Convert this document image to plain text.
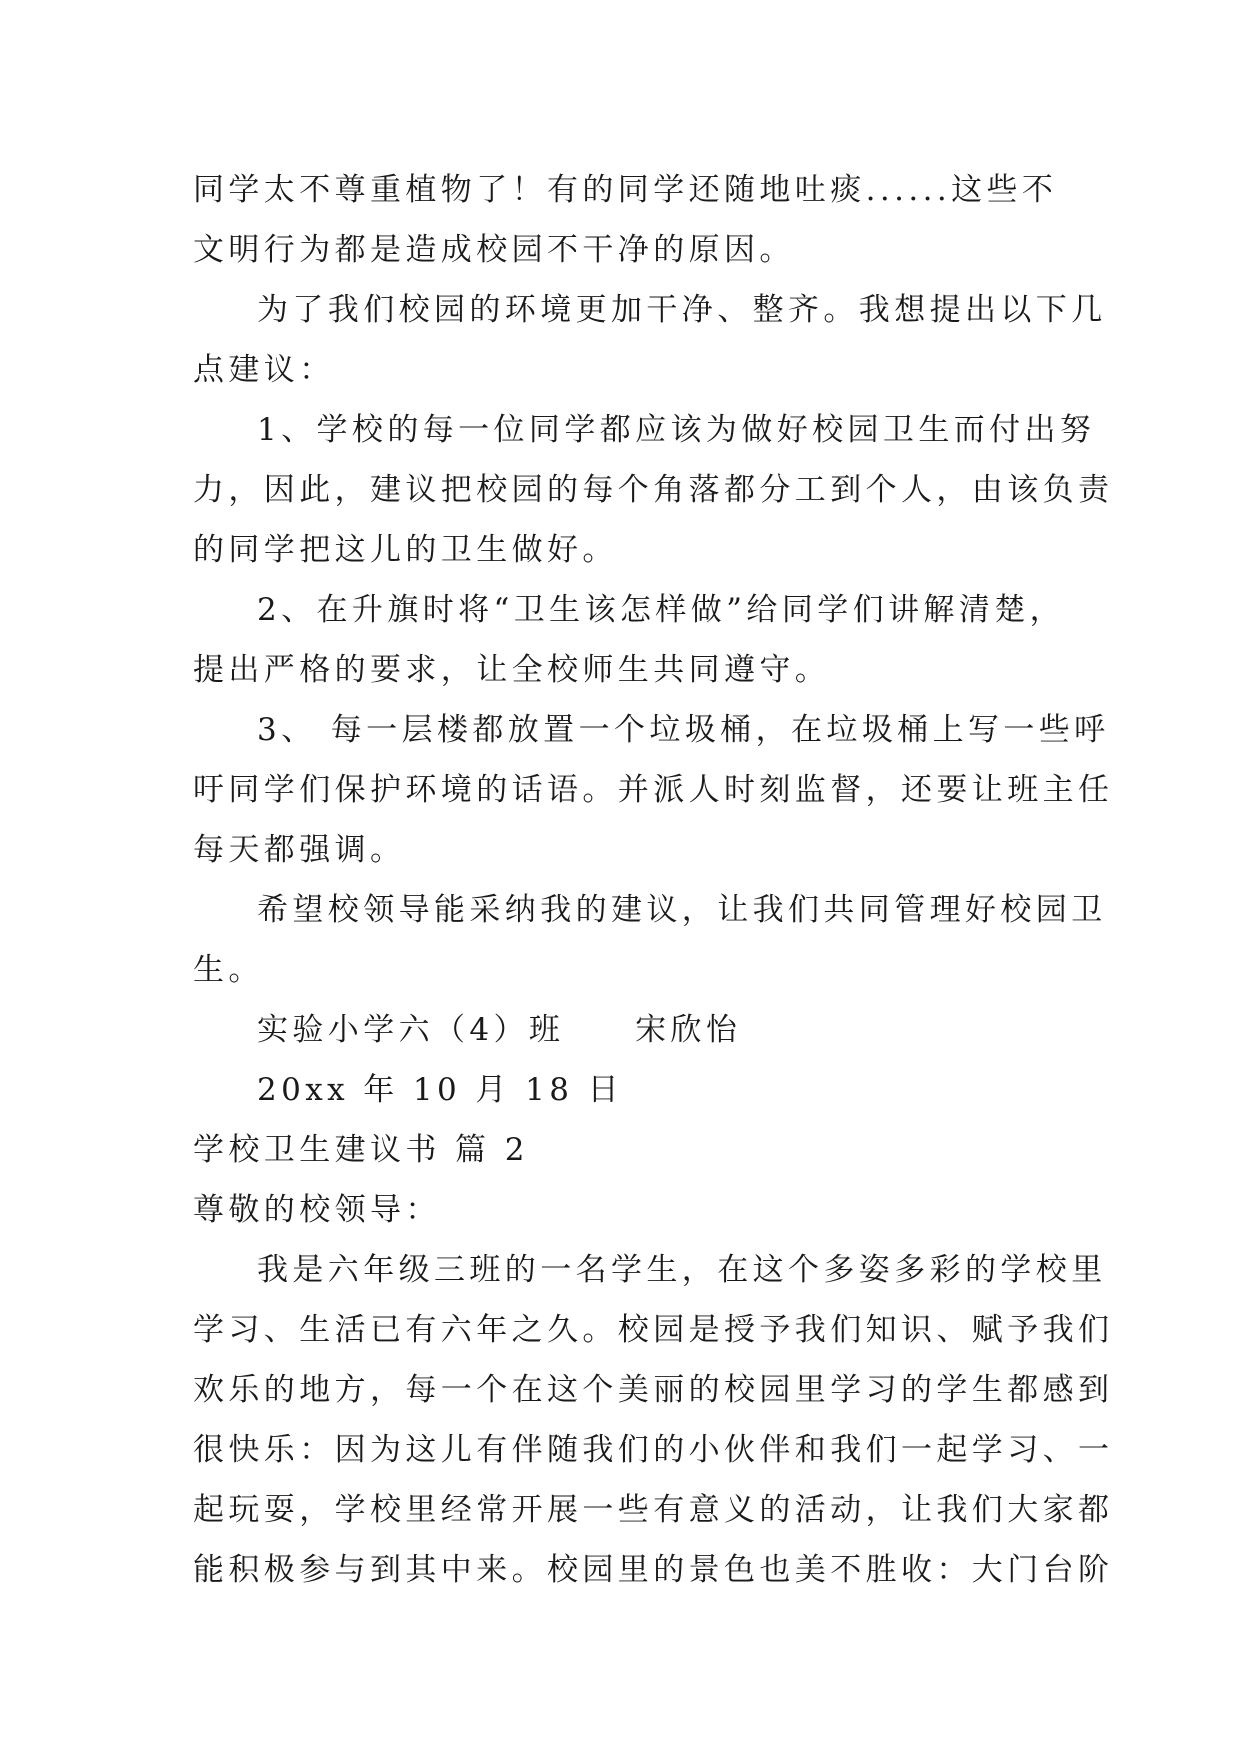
同学太不尊重植物了！有的同学还随地吐痰......这些不
文明行为都是造成校园不干净的原因。
为了我们校园的环境更加干净、整齐。我想提出以下几
点建议：
1、学校的每一位同学都应该为做好校园卫生而付出努
力，因此，建议把校园的每个角落都分工到个人，由该负责
的同学把这儿的卫生做好。
2、在升旗时将“卫生该怎样做”给同学们讲解清楚，
提出严格的要求，让全校师生共同遵守。
3、 每一层楼都放置一个垃圾桶，在垃圾桶上写一些呼
吁同学们保护环境的话语。并派人时刻监督，还要让班主任
每天都强调。
希望校领导能采纳我的建议，让我们共同管理好校园卫
生。
实验小学六（4）班　　宋欣怡
20xx 年 10 月 18 日
学校卫生建议书 篇 2
尊敬的校领导：
我是六年级三班的一名学生，在这个多姿多彩的学校里
学习、生活已有六年之久。校园是授予我们知识、赋予我们
欢乐的地方，每一个在这个美丽的校园里学习的学生都感到
很快乐：因为这儿有伴随我们的小伙伴和我们一起学习、一
起玩耍，学校里经常开展一些有意义的活动，让我们大家都
能积极参与到其中来。校园里的景色也美不胜收：大门台阶
